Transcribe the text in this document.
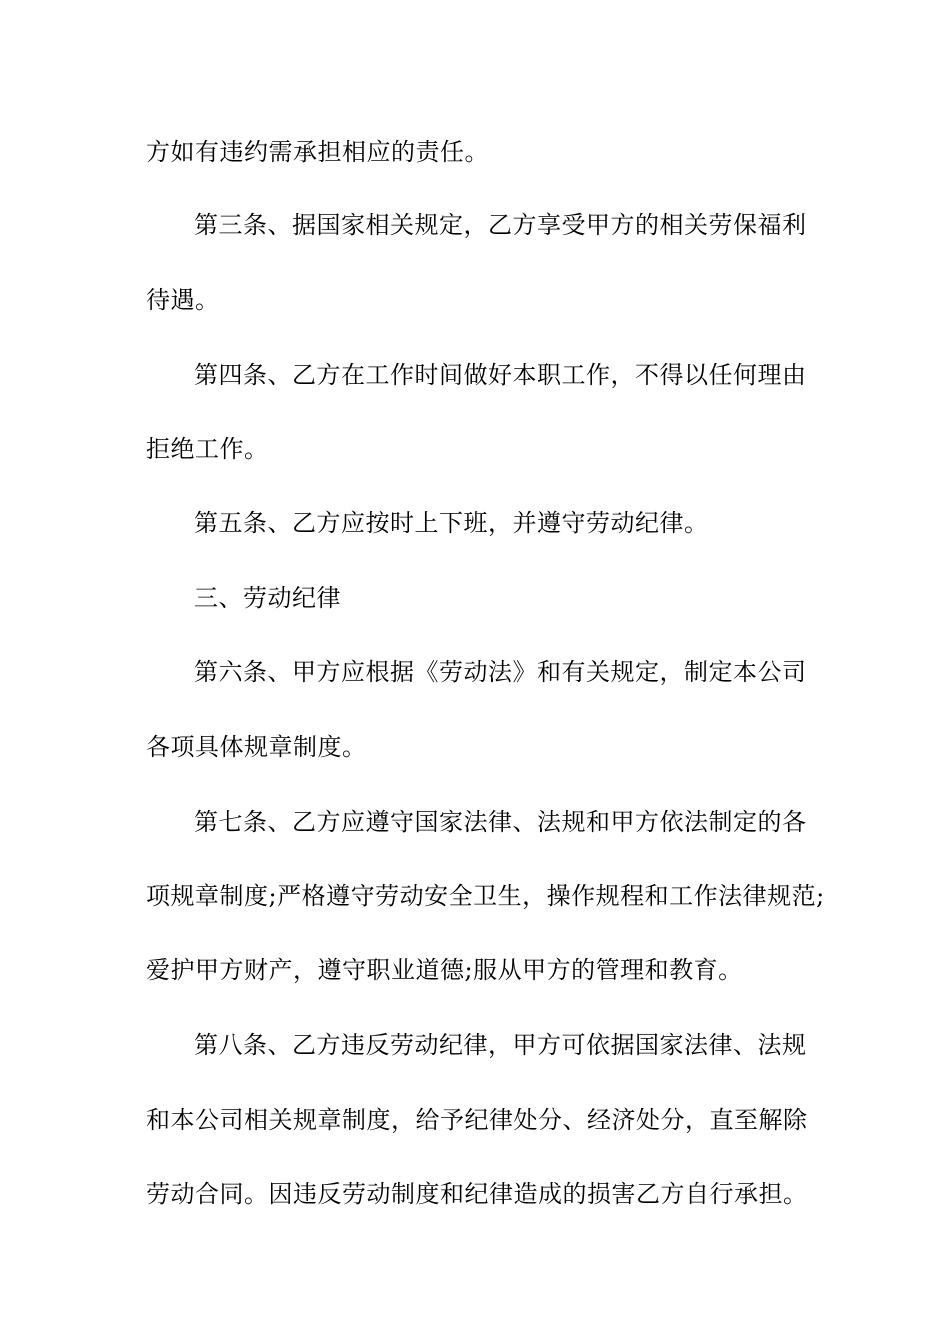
方如有违约需承担相应的责任。
第三条、据国家相关规定，乙方享受甲方的相关劳保福利
待遇。
第四条、乙方在工作时间做好本职工作，不得以任何理由
拒绝工作。
第五条、乙方应按时上下班，并遵守劳动纪律。
三、劳动纪律
第六条、甲方应根据《劳动法》和有关规定，制定本公司
各项具体规章制度。
第七条、乙方应遵守国家法律、法规和甲方依法制定的各
项规章制度;严格遵守劳动安全卫生，操作规程和工作法律规范;
爱护甲方财产，遵守职业道德;服从甲方的管理和教育。
第八条、乙方违反劳动纪律，甲方可依据国家法律、法规
和本公司相关规章制度，给予纪律处分、经济处分，直至解除
劳动合同。因违反劳动制度和纪律造成的损害乙方自行承担。
